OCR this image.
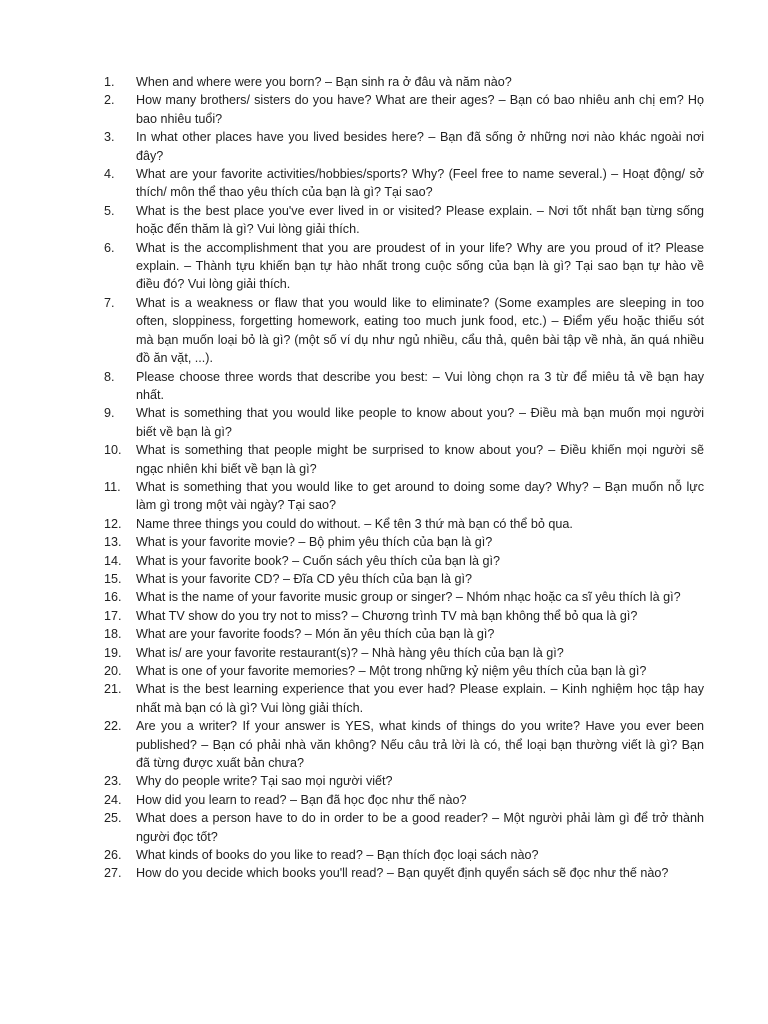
1.	When and where were you born? – Bạn sinh ra ở đâu và năm nào?
2.	How many brothers/ sisters do you have? What are their ages? – Bạn có bao nhiêu anh chị em? Họ bao nhiêu tuổi?
3.	In what other places have you lived besides here? – Bạn đã sống ở những nơi nào khác ngoài nơi đây?
4.	What are your favorite activities/hobbies/sports? Why? (Feel free to name several.) – Hoạt động/ sở thích/ môn thể thao yêu thích của bạn là gì? Tại sao?
5.	What is the best place you've ever lived in or visited? Please explain. – Nơi tốt nhất bạn từng sống hoặc đến thăm là gì? Vui lòng giải thích.
6.	What is the accomplishment that you are proudest of in your life? Why are you proud of it? Please explain. – Thành tựu khiến bạn tự hào nhất trong cuộc sống của bạn là gì? Tại sao bạn tự hào về điều đó? Vui lòng giải thích.
7.	What is a weakness or flaw that you would like to eliminate? (Some examples are sleeping in too often, sloppiness, forgetting homework, eating too much junk food, etc.) – Điểm yếu hoặc thiếu sót mà bạn muốn loại bỏ là gì? (một số ví dụ như ngủ nhiều, cẩu thả, quên bài tập về nhà, ăn quá nhiều đồ ăn vặt, ...).
8.	Please choose three words that describe you best: – Vui lòng chọn ra 3 từ để miêu tả về bạn hay nhất.
9.	What is something that you would like people to know about you? – Điều mà bạn muốn mọi người biết về bạn là gì?
10.	What is something that people might be surprised to know about you? – Điều khiến mọi người sẽ ngạc nhiên khi biết về bạn là gì?
11.	What is something that you would like to get around to doing some day? Why? – Bạn muốn nỗ lực làm gì trong một vài ngày? Tại sao?
12.	Name three things you could do without. – Kể tên 3 thứ mà bạn có thể bỏ qua.
13.	What is your favorite movie? – Bộ phim yêu thích của bạn là gì?
14.	What is your favorite book? – Cuốn sách yêu thích của bạn là gì?
15.	What is your favorite CD? – Đĩa CD yêu thích của bạn là gì?
16.	What is the name of your favorite music group or singer? – Nhóm nhạc hoặc ca sĩ yêu thích là gì?
17.	What TV show do you try not to miss? – Chương trình TV mà bạn không thể bỏ qua là gì?
18.	What are your favorite foods? – Món ăn yêu thích của bạn là gì?
19.	What is/ are your favorite restaurant(s)? – Nhà hàng yêu thích của bạn là gì?
20.	What is one of your favorite memories? – Một trong những kỷ niệm yêu thích của bạn là gì?
21.	What is the best learning experience that you ever had? Please explain. – Kinh nghiệm học tập hay nhất mà bạn có là gì? Vui lòng giải thích.
22.	Are you a writer? If your answer is YES, what kinds of things do you write? Have you ever been published? – Bạn có phải nhà văn không? Nếu câu trả lời là có, thể loại bạn thường viết là gì? Bạn đã từng được xuất bản chưa?
23.	Why do people write? Tại sao mọi người viết?
24.	How did you learn to read? – Bạn đã học đọc như thế nào?
25.	What does a person have to do in order to be a good reader? – Một người phải làm gì để trở thành người đọc tốt?
26.	What kinds of books do you like to read? – Bạn thích đọc loại sách nào?
27.	How do you decide which books you'll read? – Bạn quyết định quyển sách sẽ đọc như thế nào?
